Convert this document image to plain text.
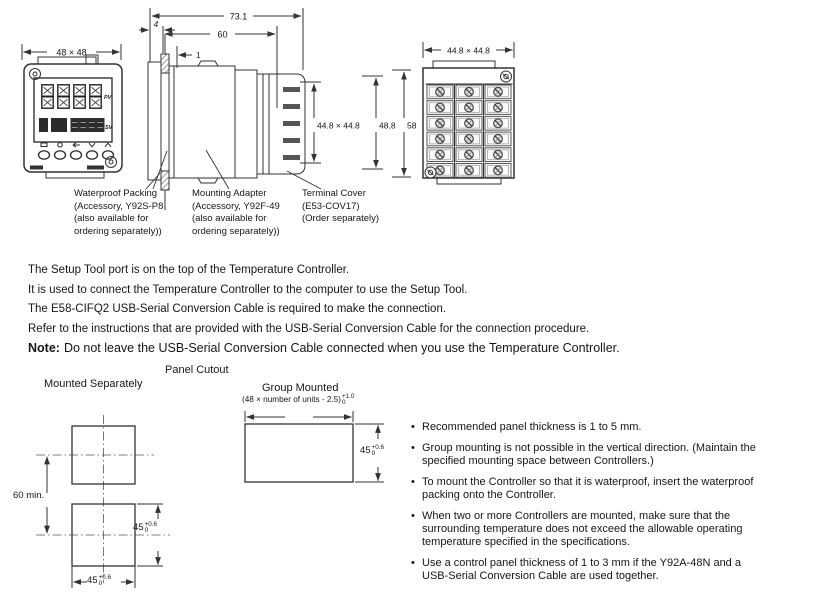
48 × 48
PV
SV
73.1
60
4
1
44.8 × 44.8 48.8 58
44.8 × 44.8
Waterproof Packing
(Accessory, Y92S-P8
(also available for
ordering separately))
Mounting Adapter
(Accessory, Y92F-49
(also available for
ordering separately))
Terminal Cover
(E53-COV17)
(Order separately)
The Setup Tool port is on the top of the Temperature Controller.
It is used to connect the Temperature Controller to the computer to use the Setup Tool.
The E58-CIFQ2 USB-Serial Conversion Cable is required to make the connection.
Refer to the instructions that are provided with the USB-Serial Conversion Cable for the connection procedure.
Note: Do not leave the USB-Serial Conversion Cable connected when you use the Temperature Controller.
Panel Cutout
Mounted Separately	Group Mounted
(48 × number of units - 2.5) +1.0
0
60 min.
45 +0.6
0
45 +0.6
0
45 +0.6
0
• Recommended panel thickness is 1 to 5 mm.
• Group mounting is not possible in the vertical direction. (Maintain the specified mounting space between Controllers.)
• To mount the Controller so that it is waterproof, insert the waterproof packing onto the Controller.
• When two or more Controllers are mounted, make sure that the surrounding temperature does not exceed the allowable operating temperature specified in the specifications.
• Use a control panel thickness of 1 to 3 mm if the Y92A-48N and a USB-Serial Conversion Cable are used together.
